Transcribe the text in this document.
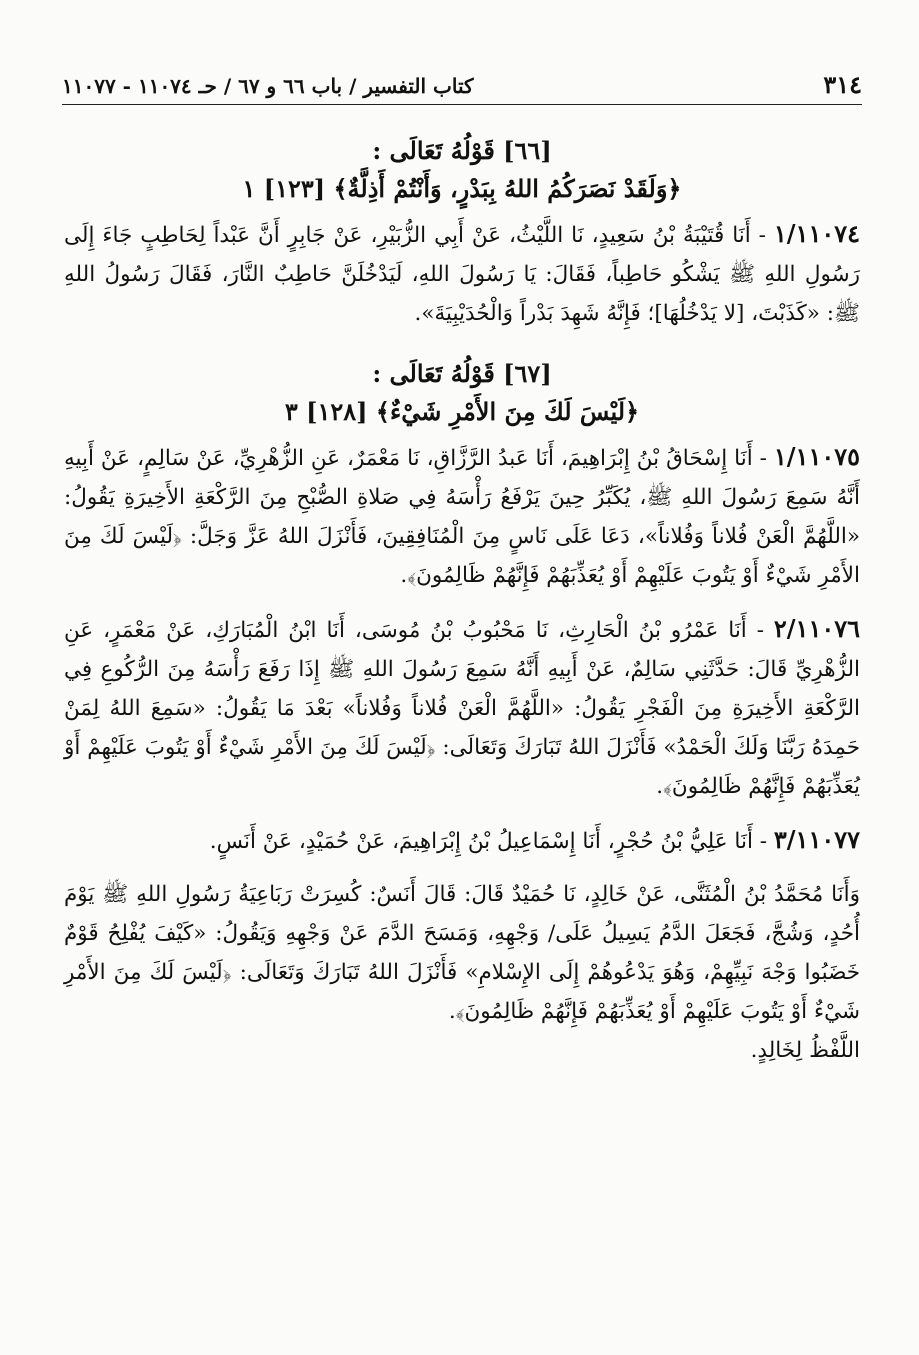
٣١٤
كتاب التفسير / باب ٦٦ و ٦٧ / حـ ١١٠٧٤ - ١١٠٧٧
[٦٦] قَوْلُهُ تَعَالَى :
﴿وَلَقَدْ نَصَرَكُمُ اللهُ بِبَدْرٍ، وَأَنْتُمْ أَذِلَّةٌ﴾ [١٢٣] ١

١/١١٠٧٤ - أَنَا قُتَيْبَةُ بْنُ سَعِيدٍ، نَا اللَّيْثُ، عَنْ أَبِي الزُّبَيْرِ، عَنْ جَابِرٍ أَنَّ عَبْداً لِحَاطِبٍ جَاءَ إِلَى رَسُولِ اللهِ ﷺ يَشْكُو حَاطِباً، فَقَالَ: يَا رَسُولَ اللهِ، لَيَدْخُلَنَّ حَاطِبٌ النَّارَ، فَقَالَ رَسُولُ اللهِ ﷺ: «كَذَبْتَ، [لا يَدْخُلُهَا]؛ فَإِنَّهُ شَهِدَ بَدْراً وَالْحُدَيْبِيَةَ».

[٦٧] قَوْلُهُ تَعَالَى :
﴿لَيْسَ لَكَ مِنَ الأَمْرِ شَيْءٌ﴾ [١٢٨] ٣

١/١١٠٧٥ - أَنَا إِسْحَاقُ بْنُ إِبْرَاهِيمَ، أَنَا عَبدُ الرَّزَّاقِ، نَا مَعْمَرٌ، عَنِ الزُّهْرِيِّ، عَنْ سَالِمٍ، عَنْ أَبِيهِ أَنَّهُ سَمِعَ رَسُولَ اللهِ ﷺ، يُكَبِّرُ حِينَ يَرْفَعُ رَأْسَهُ فِي صَلاةِ الصُّبْحِ مِنَ الرَّكْعَةِ الأَخِيرَةِ يَقُولُ: «اللَّهُمَّ الْعَنْ فُلاناً وَفُلاناً»، دَعَا عَلَى نَاسٍ مِنَ الْمُنَافِقِينَ، فَأَنْزَلَ اللهُ عَزَّ وَجَلَّ: ﴿لَيْسَ لَكَ مِنَ الأَمْرِ شَيْءٌ أَوْ يَتُوبَ عَلَيْهِمْ أَوْ يُعَذِّبَهُمْ فَإِنَّهُمْ ظَالِمُونَ﴾.

٢/١١٠٧٦ - أَنَا عَمْرُو بْنُ الْحَارِثِ، نَا مَحْبُوبُ بْنُ مُوسَى، أَنَا ابْنُ الْمُبَارَكِ، عَنْ مَعْمَرٍ، عَنِ الزُّهْرِيِّ قَالَ: حَدَّثَنِي سَالِمٌ، عَنْ أَبِيهِ أَنَّهُ سَمِعَ رَسُولَ اللهِ ﷺ إِذَا رَفَعَ رَأْسَهُ مِنَ الرُّكُوعِ فِي الرَّكْعَةِ الأَخِيرَةِ مِنَ الْفَجْرِ يَقُولُ: «اللَّهُمَّ الْعَنْ فُلاناً وَفُلاناً» بَعْدَ مَا يَقُولُ: «سَمِعَ اللهُ لِمَنْ حَمِدَهُ رَبَّنَا وَلَكَ الْحَمْدُ» فَأَنْزَلَ اللهُ تَبَارَكَ وَتَعَالَى: ﴿لَيْسَ لَكَ مِنَ الأَمْرِ شَيْءٌ أَوْ يَتُوبَ عَلَيْهِمْ أَوْ يُعَذِّبَهُمْ فَإِنَّهُمْ ظَالِمُونَ﴾.

٣/١١٠٧٧ - أَنَا عَلِيُّ بْنُ حُجْرٍ، أَنَا إِسْمَاعِيلُ بْنُ إِبْرَاهِيمَ، عَنْ حُمَيْدٍ، عَنْ أَنَسٍ.

وَأَنَا مُحَمَّدُ بْنُ الْمُثَنَّى، عَنْ خَالِدٍ، نَا حُمَيْدٌ قَالَ: قَالَ أَنَسٌ: كُسِرَتْ رَبَاعِيَةُ رَسُولِ اللهِ ﷺ يَوْمَ أُحُدٍ، وَشُجَّ، فَجَعَلَ الدَّمُ يَسِيلُ عَلَى/ وَجْهِهِ، وَمَسَحَ الدَّمَ عَنْ وَجْهِهِ وَيَقُولُ: «كَيْفَ يُفْلِحُ قَوْمٌ خَضَبُوا وَجْهَ نَبِيِّهِمْ، وَهُوَ يَدْعُوهُمْ إِلَى الإِسْلامِ» فَأَنْزَلَ اللهُ تَبَارَكَ وَتَعَالَى: ﴿لَيْسَ لَكَ مِنَ الأَمْرِ شَيْءٌ أَوْ يَتُوبَ عَلَيْهِمْ أَوْ يُعَذِّبَهُمْ فَإِنَّهُمْ ظَالِمُونَ﴾.

اللَّفْظُ لِخَالِدٍ.
